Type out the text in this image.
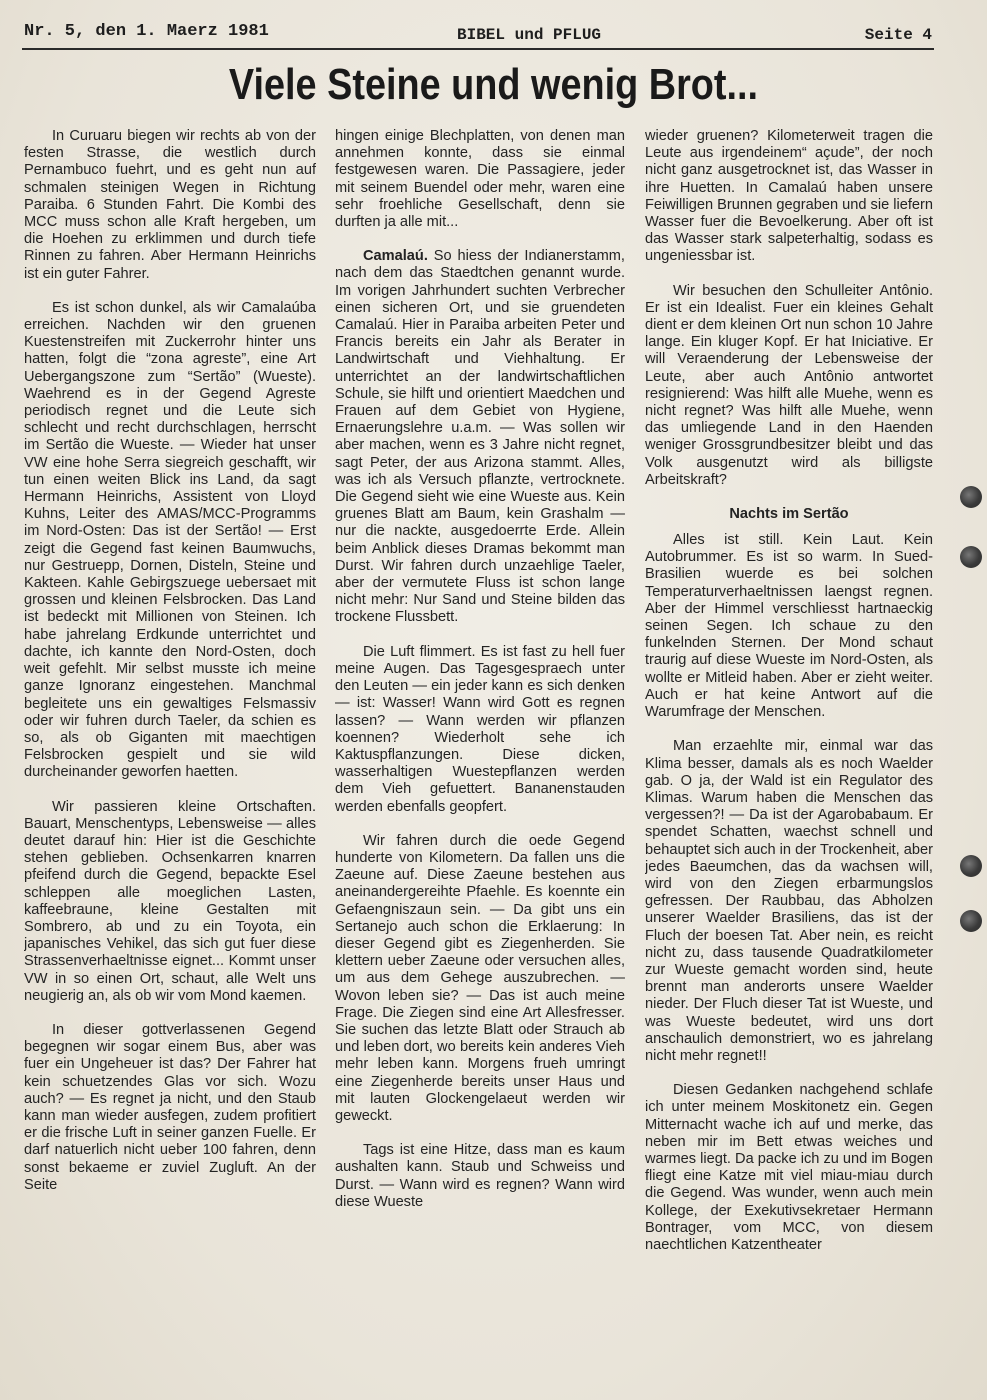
Nr. 5, den 1. Maerz 1981	BIBEL und PFLUG	Seite 4
Viele Steine und wenig Brot...

In Curuaru biegen wir rechts ab von der festen Strasse, die westlich durch Pernambuco fuehrt, und es geht nun auf schmalen steinigen Wegen in Richtung Paraiba. 6 Stunden Fahrt. Die Kombi des MCC muss schon alle Kraft hergeben, um die Hoehen zu erklimmen und durch tiefe Rinnen zu fahren. Aber Hermann Heinrichs ist ein guter Fahrer.

Es ist schon dunkel, als wir Camalaúba erreichen. Nachden wir den gruenen Kuestenstreifen mit Zuckerrohr hinter uns hatten, folgt die “zona agreste”, eine Art Uebergangszone zum “Sertão” (Wueste). Waehrend es in der Gegend Agreste periodisch regnet und die Leute sich schlecht und recht durchschlagen, herrscht im Sertão die Wueste. — Wieder hat unser VW eine hohe Serra siegreich geschafft, wir tun einen weiten Blick ins Land, da sagt Hermann Heinrichs, Assistent von Lloyd Kuhns, Leiter des AMAS/MCC-Programms im Nord-Osten: Das ist der Sertão! — Erst zeigt die Gegend fast keinen Baumwuchs, nur Gestruepp, Dornen, Disteln, Steine und Kakteen. Kahle Gebirgszuege uebersaet mit grossen und kleinen Felsbrocken. Das Land ist bedeckt mit Millionen von Steinen. Ich habe jahrelang Erdkunde unterrichtet und dachte, ich kannte den Nord-Osten, doch weit gefehlt. Mir selbst musste ich meine ganze Ignoranz eingestehen. Manchmal begleitete uns ein gewaltiges Felsmassiv oder wir fuhren durch Taeler, da schien es so, als ob Giganten mit maechtigen Felsbrocken gespielt und sie wild durcheinander geworfen haetten.

Wir passieren kleine Ortschaften. Bauart, Menschentyps, Lebensweise — alles deutet darauf hin: Hier ist die Geschichte stehen geblieben. Ochsenkarren knarren pfeifend durch die Gegend, bepackte Esel schleppen alle moeglichen Lasten, kaffeebraune, kleine Gestalten mit Sombrero, ab und zu ein Toyota, ein japanisches Vehikel, das sich gut fuer diese Strassenverhaeltnisse eignet... Kommt unser VW in so einen Ort, schaut, alle Welt uns neugierig an, als ob wir vom Mond kaemen.

In dieser gottverlassenen Gegend begegnen wir sogar einem Bus, aber was fuer ein Ungeheuer ist das? Der Fahrer hat kein schuetzendes Glas vor sich. Wozu auch? — Es regnet ja nicht, und den Staub kann man wieder ausfegen, zudem profitiert er die frische Luft in seiner ganzen Fuelle. Er darf natuerlich nicht ueber 100 fahren, denn sonst bekaeme er zuviel Zugluft. An der Seite

hingen einige Blechplatten, von denen man annehmen konnte, dass sie einmal festgewesen waren. Die Passagiere, jeder mit seinem Buendel oder mehr, waren eine sehr froehliche Gesellschaft, denn sie durften ja alle mit...

Camalaú. So hiess der Indianerstamm, nach dem das Staedtchen genannt wurde. Im vorigen Jahrhundert suchten Verbrecher einen sicheren Ort, und sie gruendeten Camalaú. Hier in Paraiba arbeiten Peter und Francis bereits ein Jahr als Berater in Landwirtschaft und Viehhaltung. Er unterrichtet an der landwirtschaftlichen Schule, sie hilft und orientiert Maedchen und Frauen auf dem Gebiet von Hygiene, Ernaerungslehre u.a.m. — Was sollen wir aber machen, wenn es 3 Jahre nicht regnet, sagt Peter, der aus Arizona stammt. Alles, was ich als Versuch pflanzte, vertrocknete. Die Gegend sieht wie eine Wueste aus. Kein gruenes Blatt am Baum, kein Grashalm — nur die nackte, ausgedoerrte Erde. Allein beim Anblick dieses Dramas bekommt man Durst. Wir fahren durch unzaehlige Taeler, aber der vermutete Fluss ist schon lange nicht mehr: Nur Sand und Steine bilden das trockene Flussbett.

Die Luft flimmert. Es ist fast zu hell fuer meine Augen. Das Tagesgespraech unter den Leuten — ein jeder kann es sich denken — ist: Wasser! Wann wird Gott es regnen lassen? — Wann werden wir pflanzen koennen? Wiederholt sehe ich Kaktuspflanzungen. Diese dicken, wasserhaltigen Wuestepflanzen werden dem Vieh gefuettert. Bananenstauden werden ebenfalls geopfert.

Wir fahren durch die oede Gegend hunderte von Kilometern. Da fallen uns die Zaeune auf. Diese Zaeune bestehen aus aneinandergereihte Pfaehle. Es koennte ein Gefaengniszaun sein. — Da gibt uns ein Sertanejo auch schon die Erklaerung: In dieser Gegend gibt es Ziegenherden. Sie klettern ueber Zaeune oder versuchen alles, um aus dem Gehege auszubrechen. — Wovon leben sie? — Das ist auch meine Frage. Die Ziegen sind eine Art Allesfresser. Sie suchen das letzte Blatt oder Strauch ab und leben dort, wo bereits kein anderes Vieh mehr leben kann. Morgens frueh umringt eine Ziegenherde bereits unser Haus und mit lauten Glockengelaeut werden wir geweckt.

Tags ist eine Hitze, dass man es kaum aushalten kann. Staub und Schweiss und Durst. — Wann wird es regnen? Wann wird diese Wueste

wieder gruenen? Kilometerweit tragen die Leute aus irgendeinem“ açude”, der noch nicht ganz ausgetrocknet ist, das Wasser in ihre Huetten. In Camalaú haben unsere Feiwilligen Brunnen gegraben und sie liefern Wasser fuer die Bevoelkerung. Aber oft ist das Wasser stark salpeterhaltig, sodass es ungeniessbar ist.

Wir besuchen den Schulleiter Antônio. Er ist ein Idealist. Fuer ein kleines Gehalt dient er dem kleinen Ort nun schon 10 Jahre lange. Ein kluger Kopf. Er hat Iniciative. Er will Veraenderung der Lebensweise der Leute, aber auch Antônio antwortet resignierend: Was hilft alle Muehe, wenn es nicht regnet? Was hilft alle Muehe, wenn das umliegende Land in den Haenden weniger Grossgrundbesitzer bleibt und das Volk ausgenutzt wird als billigste Arbeitskraft?

Nachts im Sertão

Alles ist still. Kein Laut. Kein Autobrummer. Es ist so warm. In Sued-Brasilien wuerde es bei solchen Temperaturverhaeltnissen laengst regnen. Aber der Himmel verschliesst hartnaeckig seinen Segen. Ich schaue zu den funkelnden Sternen. Der Mond schaut traurig auf diese Wueste im Nord-Osten, als wollte er Mitleid haben. Aber er zieht weiter. Auch er hat keine Antwort auf die Warumfrage der Menschen.

Man erzaehlte mir, einmal war das Klima besser, damals als es noch Waelder gab. O ja, der Wald ist ein Regulator des Klimas. Warum haben die Menschen das vergessen?! — Da ist der Agarobabaum. Er spendet Schatten, waechst schnell und behauptet sich auch in der Trockenheit, aber jedes Baeumchen, das da wachsen will, wird von den Ziegen erbarmungslos gefressen. Der Raubbau, das Abholzen unserer Waelder Brasiliens, das ist der Fluch der boesen Tat. Aber nein, es reicht nicht zu, dass tausende Quadratkilometer zur Wueste gemacht worden sind, heute brennt man anderorts unsere Waelder nieder. Der Fluch dieser Tat ist Wueste, und was Wueste bedeutet, wird uns dort anschaulich demonstriert, wo es jahrelang nicht mehr regnet!!

Diesen Gedanken nachgehend schlafe ich unter meinem Moskitonetz ein. Gegen Mitternacht wache ich auf und merke, das neben mir im Bett etwas weiches und warmes liegt. Da packe ich zu und im Bogen fliegt eine Katze mit viel miau-miau durch die Gegend. Was wunder, wenn auch mein Kollege, der Exekutivsekretaer Hermann Bontrager, vom MCC, von diesem naechtlichen Katzentheater
